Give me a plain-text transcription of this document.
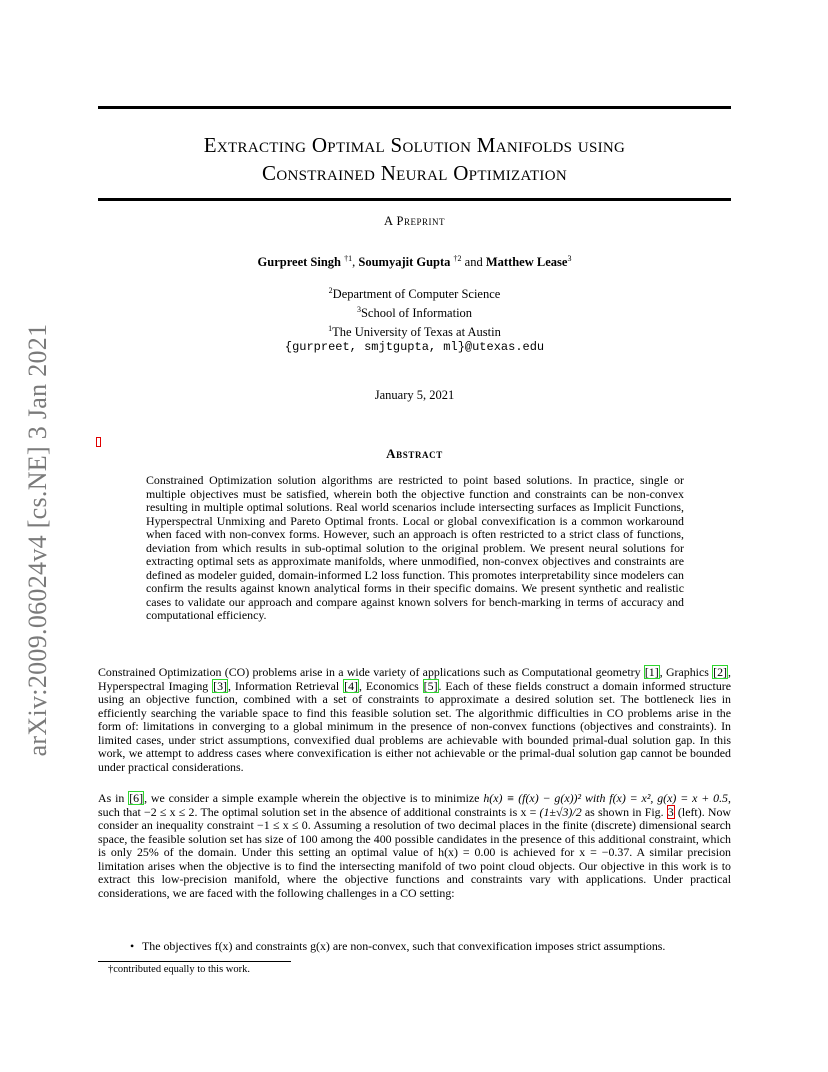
arXiv:2009.06024v4 [cs.NE] 3 Jan 2021
Extracting Optimal Solution Manifolds using
Constrained Neural Optimization
A Preprint
Gurpreet Singh $^{\dagger 1}$, Soumyajit Gupta $^{\dagger 2}$ and Matthew Lease$^3$
$^2$Department of Computer Science
$^3$School of Information
$^1$The University of Texas at Austin
{gurpreet, smjtgupta, ml}@utexas.edu
January 5, 2021
Abstract
Constrained Optimization solution algorithms are restricted to point based solutions. In practice, single or multiple objectives must be satisfied, wherein both the objective function and constraints can be non-convex resulting in multiple optimal solutions. Real world scenarios include intersecting surfaces as Implicit Functions, Hyperspectral Unmixing and Pareto Optimal fronts. Local or global convexification is a common workaround when faced with non-convex forms. However, such an approach is often restricted to a strict class of functions, deviation from which results in sub-optimal solution to the original problem. We present neural solutions for extracting optimal sets as approximate manifolds, where unmodified, non-convex objectives and constraints are defined as modeler guided, domain-informed L2 loss function. This promotes interpretability since modelers can confirm the results against known analytical forms in their specific domains. We present synthetic and realistic cases to validate our approach and compare against known solvers for bench-marking in terms of accuracy and computational efficiency.
Constrained Optimization (CO) problems arise in a wide variety of applications such as Computational geometry [1], Graphics [2], Hyperspectral Imaging [3], Information Retrieval [4], Economics [5]. Each of these fields construct a domain informed structure using an objective function, combined with a set of constraints to approximate a desired solution set. The bottleneck lies in efficiently searching the variable space to find this feasible solution set. The algorithmic difficulties in CO problems arise in the form of: limitations in converging to a global minimum in the presence of non-convex functions (objectives and constraints). In limited cases, under strict assumptions, convexified dual problems are achievable with bounded primal-dual solution gap. In this work, we attempt to address cases where convexification is either not achievable or the primal-dual solution gap cannot be bounded under practical considerations.
As in [6], we consider a simple example wherein the objective is to minimize h(x) ≡ (f(x) − g(x))² with f(x) = x², g(x) = x + 0.5, such that −2 ≤ x ≤ 2. The optimal solution set in the absence of additional constraints is x = (1±√3)/2 as shown in Fig. 3 (left). Now consider an inequality constraint −1 ≤ x ≤ 0. Assuming a resolution of two decimal places in the finite (discrete) dimensional search space, the feasible solution set has size of 100 among the 400 possible candidates in the presence of this additional constraint, which is only 25% of the domain. Under this setting an optimal value of h(x) = 0.00 is achieved for x = −0.37. A similar precision limitation arises when the objective is to find the intersecting manifold of two point cloud objects. Our objective in this work is to extract this low-precision manifold, where the objective functions and constraints vary with applications. Under practical considerations, we are faced with the following challenges in a CO setting:
• The objectives f(x) and constraints g(x) are non-convex, such that convexification imposes strict assumptions.
†contributed equally to this work.
